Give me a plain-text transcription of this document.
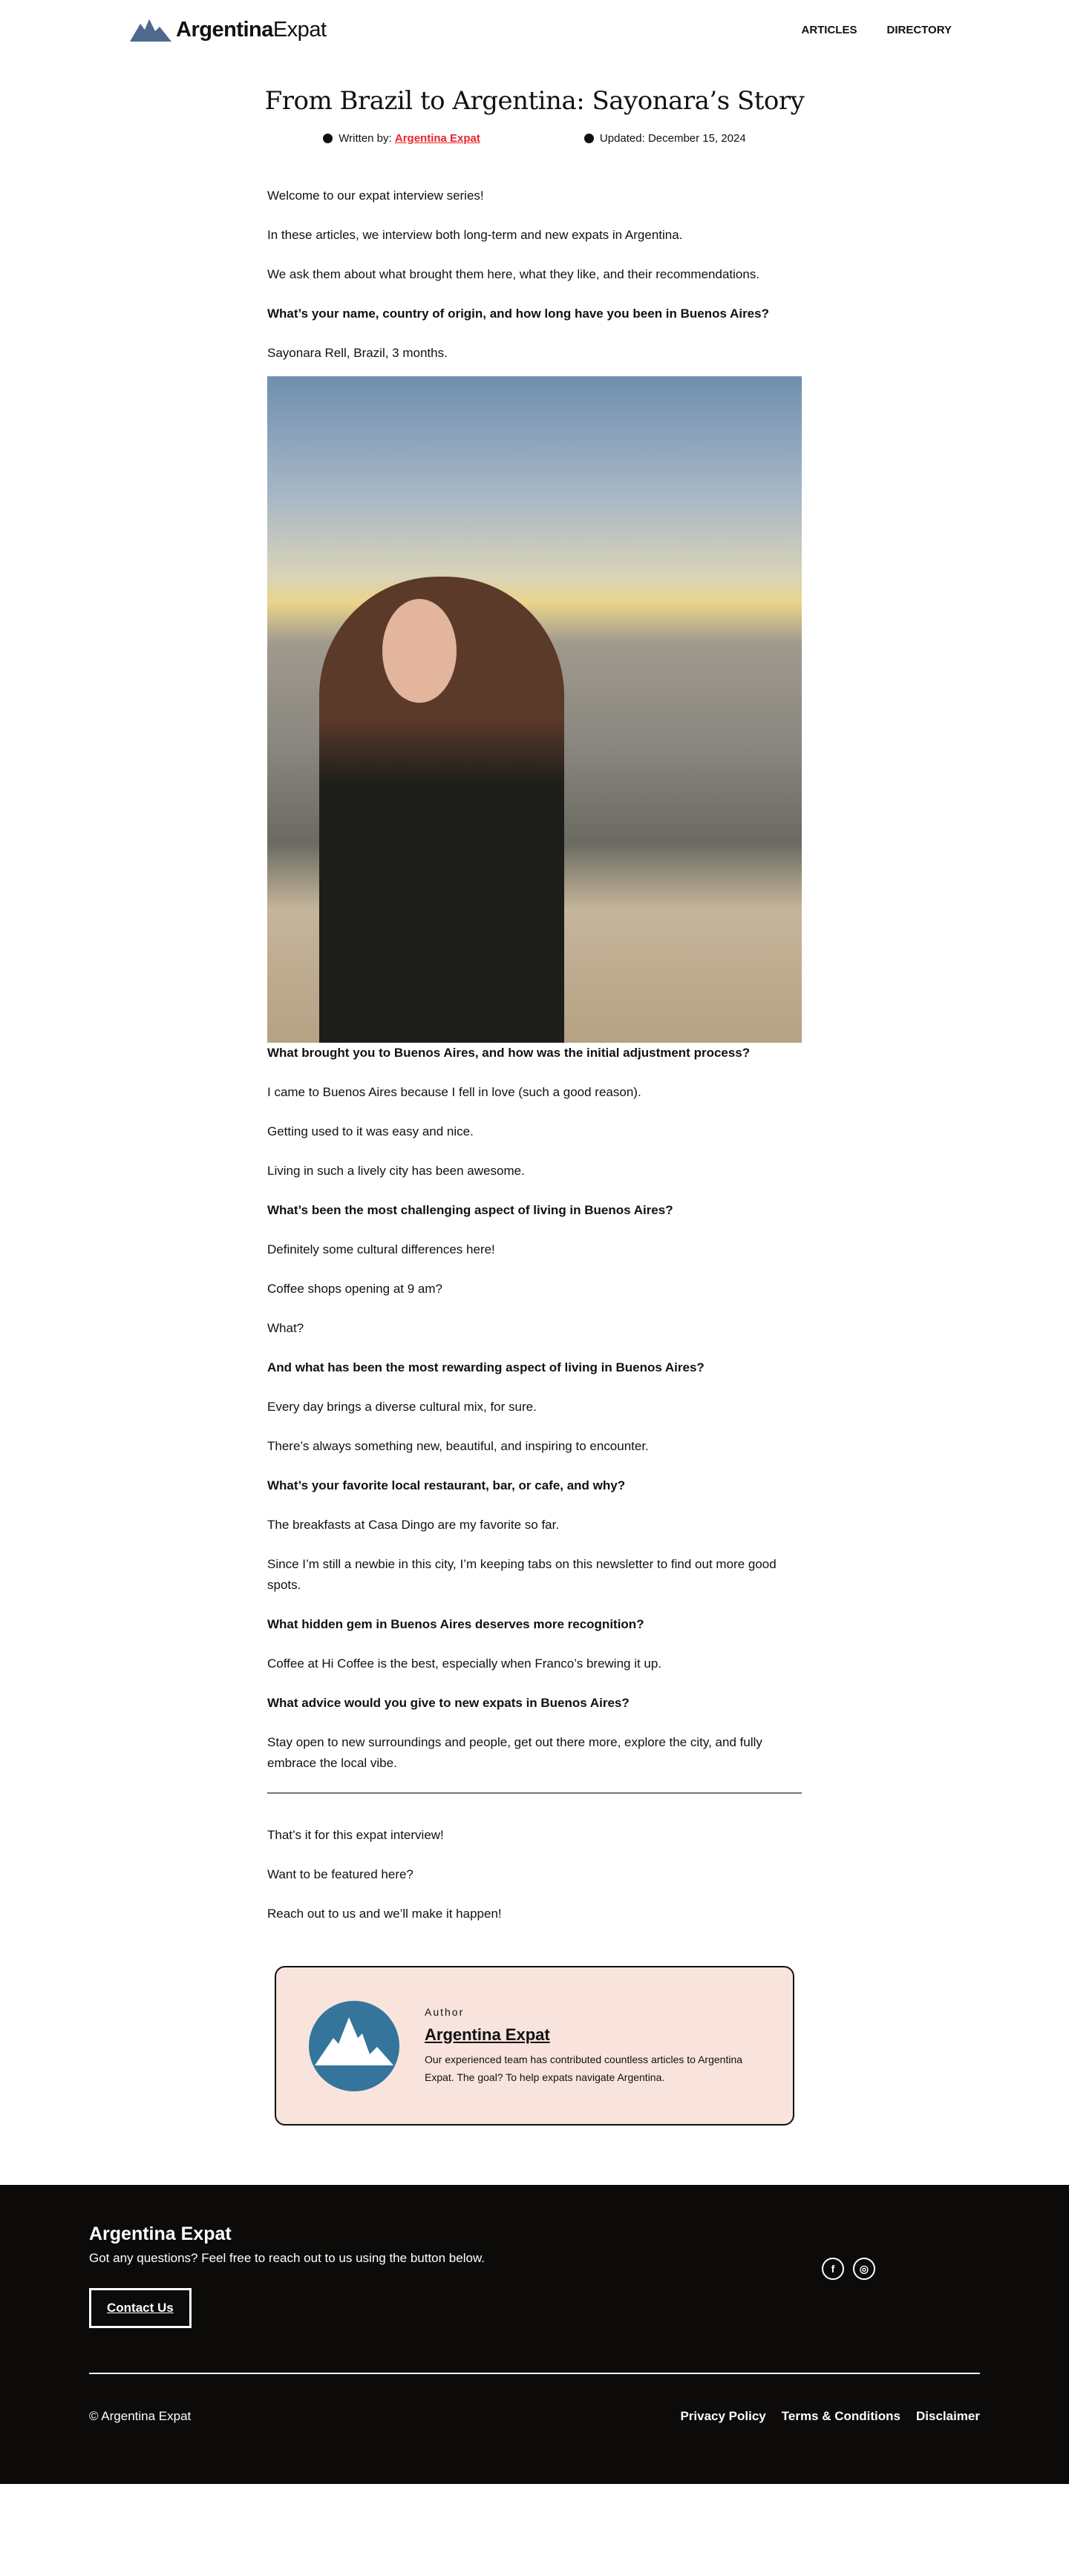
ArgentinaExpat	ARTICLES	DIRECTORY
From Brazil to Argentina: Sayonara’s Story
Written by: Argentina Expat	Updated: December 15, 2024

Welcome to our expat interview series!

In these articles, we interview both long-term and new expats in Argentina.

We ask them about what brought them here, what they like, and their recommendations.

What’s your name, country of origin, and how long have you been in Buenos Aires?

Sayonara Rell, Brazil, 3 months.

What brought you to Buenos Aires, and how was the initial adjustment process?

I came to Buenos Aires because I fell in love (such a good reason).

Getting used to it was easy and nice.

Living in such a lively city has been awesome.

What’s been the most challenging aspect of living in Buenos Aires?

Definitely some cultural differences here!

Coffee shops opening at 9 am?

What?

And what has been the most rewarding aspect of living in Buenos Aires?

Every day brings a diverse cultural mix, for sure.

There’s always something new, beautiful, and inspiring to encounter.

What’s your favorite local restaurant, bar, or cafe, and why?

The breakfasts at Casa Dingo are my favorite so far.

Since I’m still a newbie in this city, I’m keeping tabs on this newsletter to find out more good spots.

What hidden gem in Buenos Aires deserves more recognition?

Coffee at Hi Coffee is the best, especially when Franco’s brewing it up.

What advice would you give to new expats in Buenos Aires?

Stay open to new surroundings and people, get out there more, explore the city, and fully embrace the local vibe.

That’s it for this expat interview!

Want to be featured here?

Reach out to us and we’ll make it happen!

Author
Argentina Expat
Our experienced team has contributed countless articles to Argentina Expat. The goal? To help expats navigate Argentina.
Argentina Expat
Got any questions? Feel free to reach out to us using the button below.
Contact Us
f	◎
© Argentina Expat	Privacy Policy Terms & Conditions Disclaimer
